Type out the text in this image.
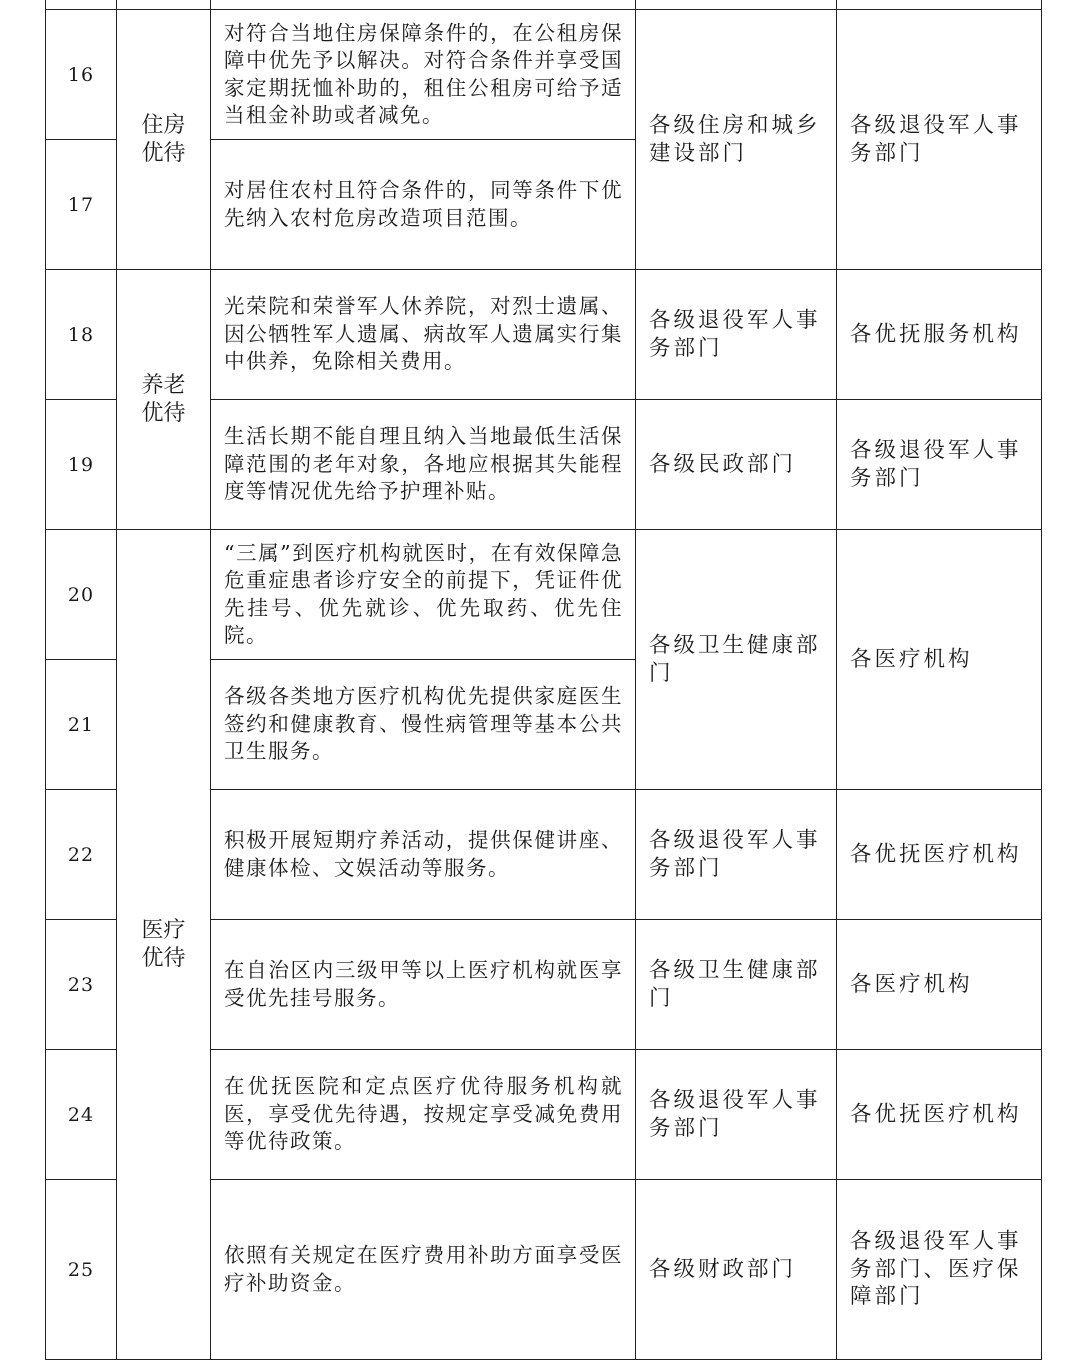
16	住房优待	对符合当地住房保障条件的，在公租房保障中优先予以解决。对符合条件并享受国家定期抚恤补助的，租住公租房可给予适当租金补助或者减免。	各级住房和城乡建设部门	各级退役军人事务部门
17		对居住农村且符合条件的，同等条件下优先纳入农村危房改造项目范围。		
18	养老优待	光荣院和荣誉军人休养院，对烈士遗属、因公牺牲军人遗属、病故军人遗属实行集中供养，免除相关费用。	各级退役军人事务部门	各优抚服务机构
19		生活长期不能自理且纳入当地最低生活保障范围的老年对象，各地应根据其失能程度等情况优先给予护理补贴。	各级民政部门	各级退役军人事务部门
20	医疗优待	“三属”到医疗机构就医时，在有效保障急危重症患者诊疗安全的前提下，凭证件优先挂号、优先就诊、优先取药、优先住院。	各级卫生健康部门	各医疗机构
21		各级各类地方医疗机构优先提供家庭医生签约和健康教育、慢性病管理等基本公共卫生服务。		
22		积极开展短期疗养活动，提供保健讲座、健康体检、文娱活动等服务。	各级退役军人事务部门	各优抚医疗机构
23		在自治区内三级甲等以上医疗机构就医享受优先挂号服务。	各级卫生健康部门	各医疗机构
24		在优抚医院和定点医疗优待服务机构就医，享受优先待遇，按规定享受减免费用等优待政策。	各级退役军人事务部门	各优抚医疗机构
25		依照有关规定在医疗费用补助方面享受医疗补助资金。	各级财政部门	各级退役军人事务部门、医疗保障部门
